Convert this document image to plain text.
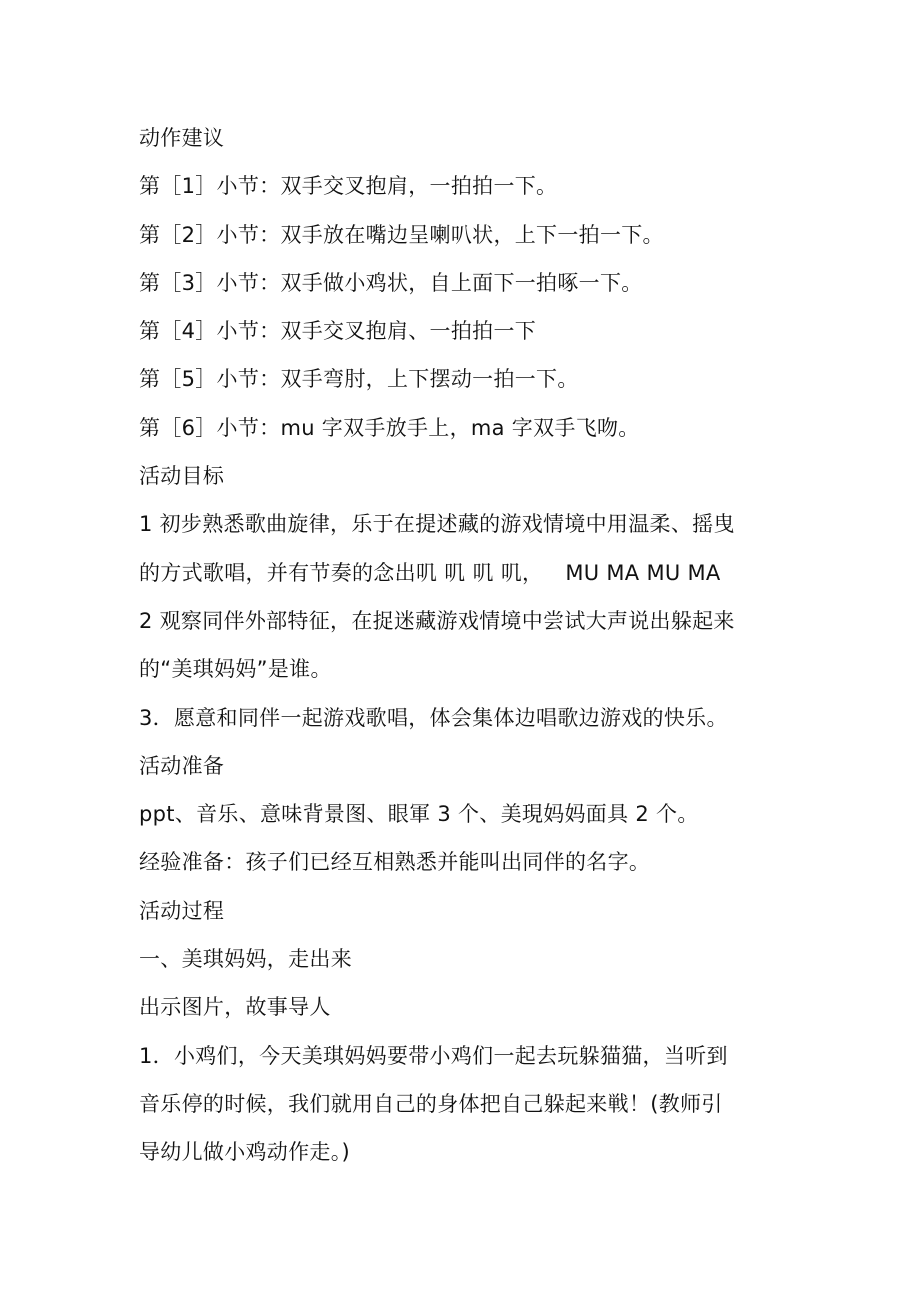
动作建议
第［1］小节：双手交叉抱肩，一拍拍一下。
第［2］小节：双手放在嘴边呈喇叭状，上下一拍一下。
第［3］小节：双手做小鸡状，自上面下一拍啄一下。
第［4］小节：双手交叉抱肩、一拍拍一下
第［5］小节：双手弯肘，上下摆动一拍一下。
第［6］小节：mu 字双手放手上，ma 字双手飞吻。
活动目标
1 初步熟悉歌曲旋律，乐于在提述藏的游戏情境中用温柔、摇曳
的方式歌唱，并有节奏的念出叽 叽 叽 叽， MU MA MU MA
2 观察同伴外部特征，在捉迷藏游戏情境中尝试大声说出躲起来
的“美琪妈妈”是谁。
3．愿意和同伴一起游戏歌唱，体会集体边唱歌边游戏的快乐。
活动准备
ppt、音乐、意味背景图、眼軍 3 个、美現妈妈面具 2 个。
经验准备：孩子们已经互相熟悉并能叫出同伴的名字。
活动过程
一、美琪妈妈，走出来
出示图片，故事导人
1．小鸡们，今天美琪妈妈要带小鸡们一起去玩躲猫猫，当听到
音乐停的时候，我们就用自己的身体把自己躲起来戦！(教师引
导幼儿做小鸡动作走。)
